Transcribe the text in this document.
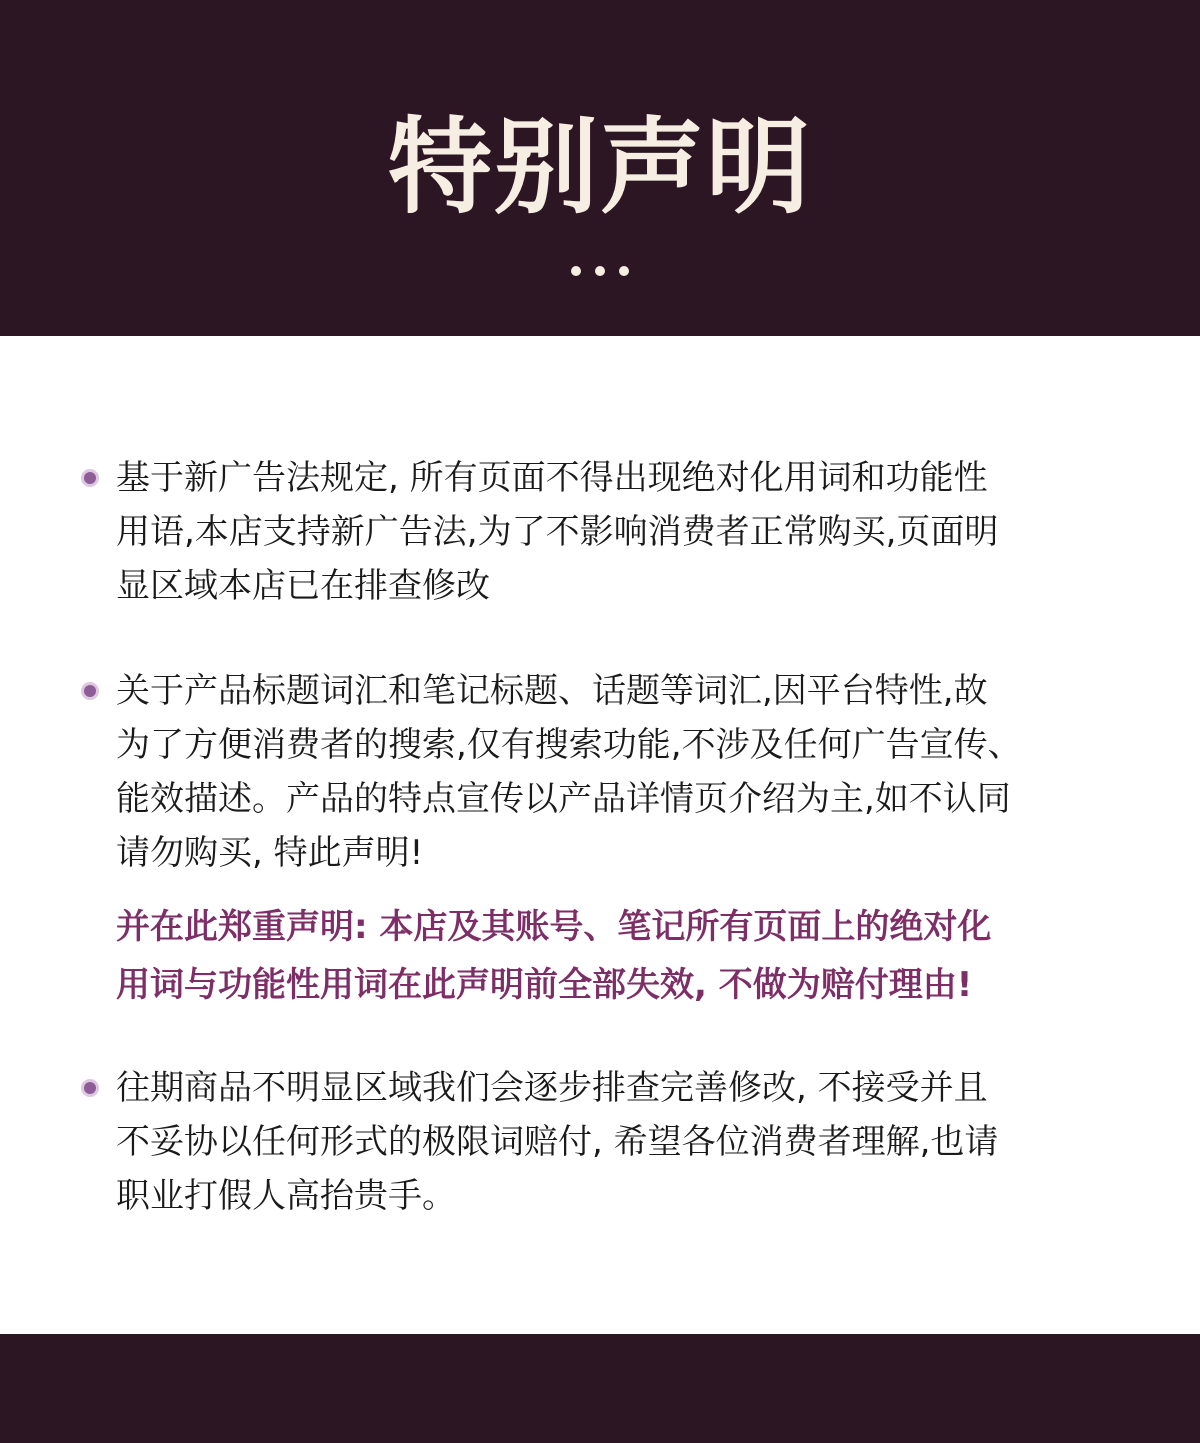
特别声明
基于新广告法规定, 所有页面不得出现绝对化用词和功能性
用语,本店支持新广告法,为了不影响消费者正常购买,页面明
显区域本店已在排查修改
关于产品标题词汇和笔记标题、话题等词汇,因平台特性,故
为了方便消费者的搜索,仅有搜索功能,不涉及任何广告宣传、
能效描述。产品的特点宣传以产品详情页介绍为主,如不认同
请勿购买, 特此声明!
并在此郑重声明: 本店及其账号、笔记所有页面上的绝对化
用词与功能性用词在此声明前全部失效, 不做为赔付理由!
往期商品不明显区域我们会逐步排查完善修改, 不接受并且
不妥协以任何形式的极限词赔付, 希望各位消费者理解,也请
职业打假人高抬贵手。
